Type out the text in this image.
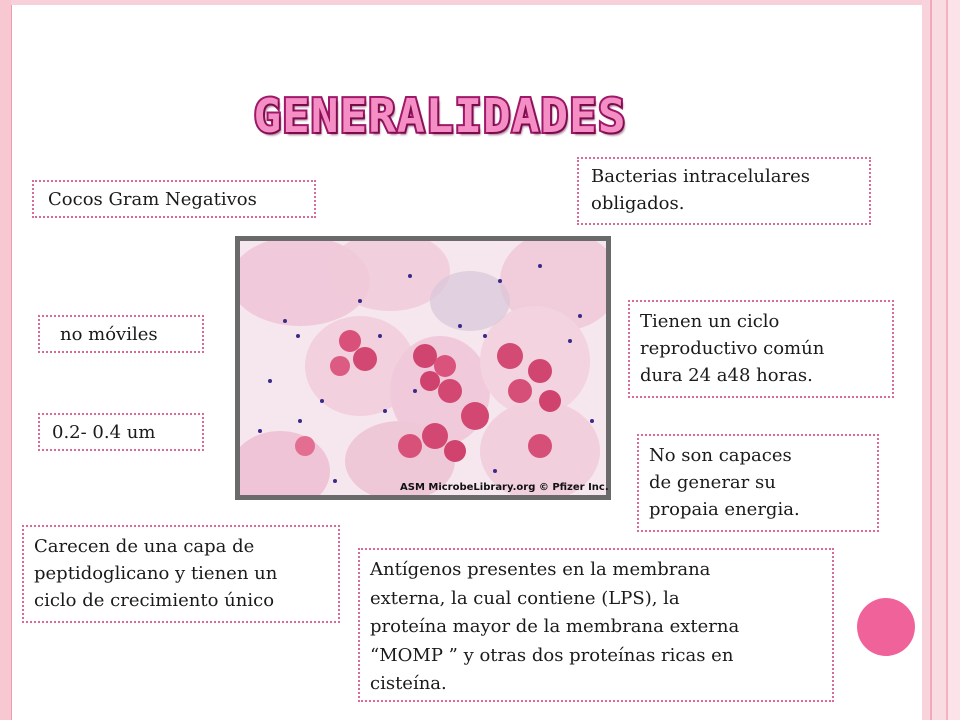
GENERALIDADES
Cocos Gram Negativos
Bacterias intracelulares
obligados.
no móviles
0.2- 0.4 um
Tienen un ciclo
reproductivo común
dura 24 a48 horas.
No son capaces
de generar su
propaia energia.
Carecen de una capa de
peptidoglicano y tienen un
ciclo de crecimiento único
Antígenos presentes en la membrana
externa, la cual contiene (LPS), la
proteína mayor de la membrana externa
“MOMP ” y otras dos proteínas ricas en
cisteína.
ASM MicrobeLibrary.org © Pfizer Inc.
